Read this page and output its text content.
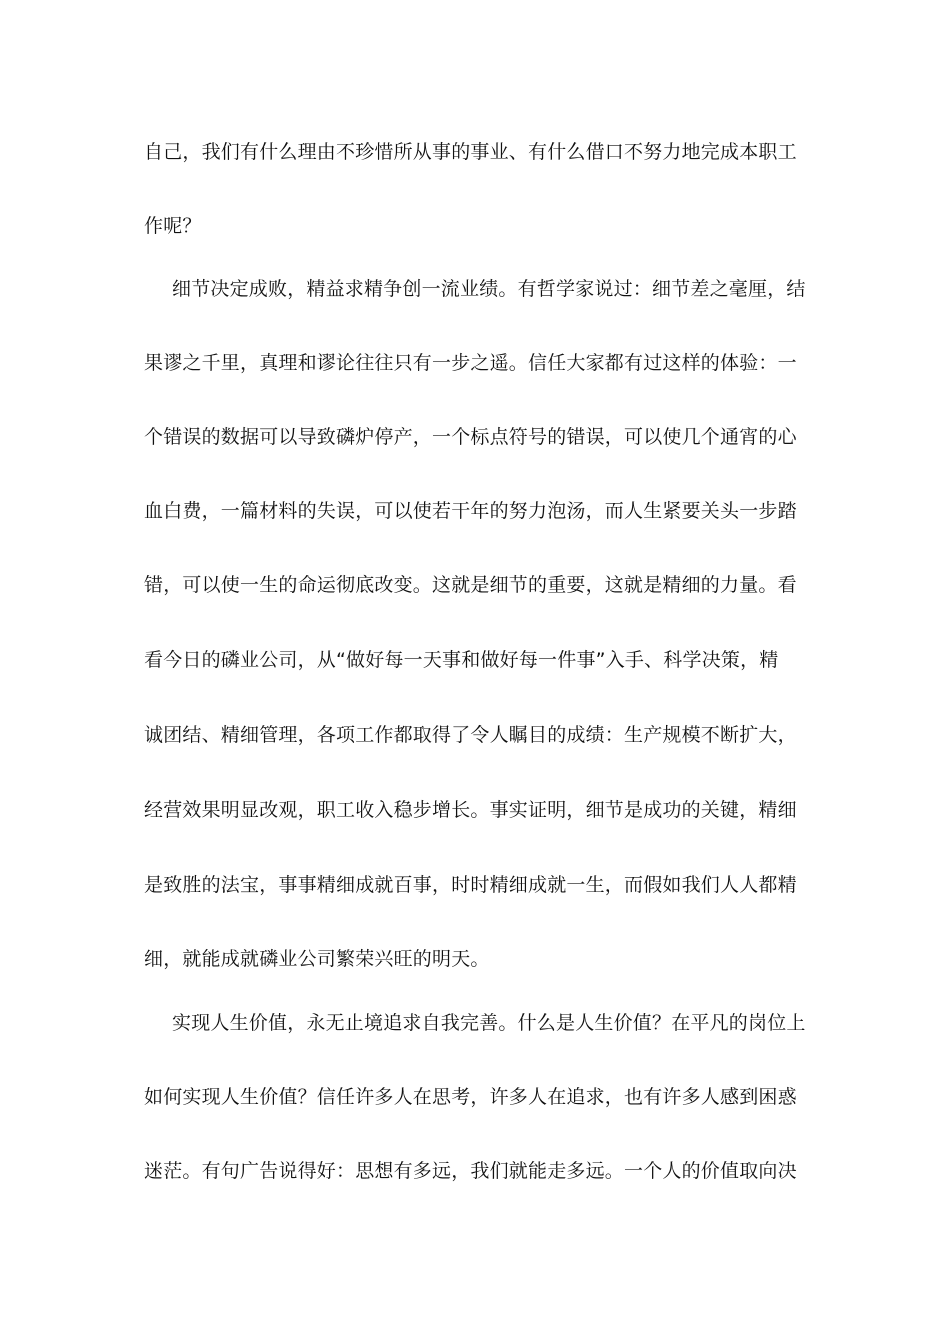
自己，我们有什么理由不珍惜所从事的事业、有什么借口不努力地完成本职工

作呢？

细节决定成败，精益求精争创一流业绩。有哲学家说过：细节差之毫厘，结

果谬之千里，真理和谬论往往只有一步之遥。信任大家都有过这样的体验：一

个错误的数据可以导致磷炉停产，一个标点符号的错误，可以使几个通宵的心

血白费，一篇材料的失误，可以使若干年的努力泡汤，而人生紧要关头一步踏

错，可以使一生的命运彻底改变。这就是细节的重要，这就是精细的力量。看

看今日的磷业公司，从“做好每一天事和做好每一件事”入手、科学决策，精

诚团结、精细管理，各项工作都取得了令人瞩目的成绩：生产规模不断扩大，

经营效果明显改观，职工收入稳步增长。事实证明，细节是成功的关键，精细

是致胜的法宝，事事精细成就百事，时时精细成就一生，而假如我们人人都精

细，就能成就磷业公司繁荣兴旺的明天。

实现人生价值，永无止境追求自我完善。什么是人生价值？在平凡的岗位上

如何实现人生价值？信任许多人在思考，许多人在追求，也有许多人感到困惑

迷茫。有句广告说得好：思想有多远，我们就能走多远。一个人的价值取向决
